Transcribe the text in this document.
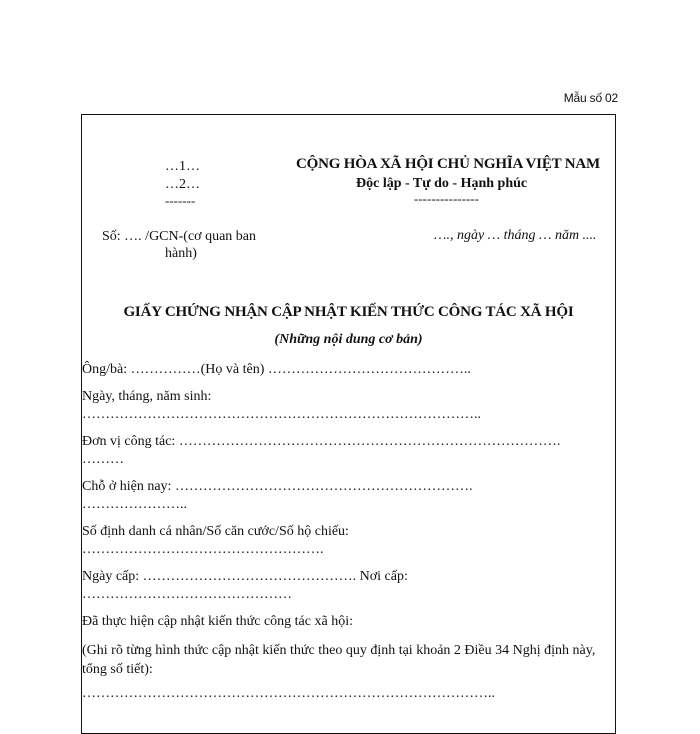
Mẫu số 02
…1…
…2…
-------
CỘNG HÒA XÃ HỘI CHỦ NGHĨA VIỆT NAM
Độc lập - Tự do - Hạnh phúc
---------------
Số: …. /GCN-(cơ quan ban
hành)
…., ngày … tháng … năm ....
GIẤY CHỨNG NHẬN CẬP NHẬT KIẾN THỨC CÔNG TÁC XÃ HỘI
(Những nội dung cơ bản)
Ông/bà: ……………(Họ và tên) ……………………………………..
Ngày, tháng, năm sinh:
…………………………………………………………………………..
Đơn vị công tác: ……………………………………………………………………….
………
Chỗ ở hiện nay: ……………………………………………………….
…………………..
Số định danh cá nhân/Số căn cước/Số hộ chiếu:
…………………………………………….
Ngày cấp: ………………………………………. Nơi cấp:
………………………………………
Đã thực hiện cập nhật kiến thức công tác xã hội:
(Ghi rõ từng hình thức cập nhật kiến thức theo quy định tại khoản 2 Điều 34 Nghị định này, tổng số tiết):
……………………………………………………………………………..
